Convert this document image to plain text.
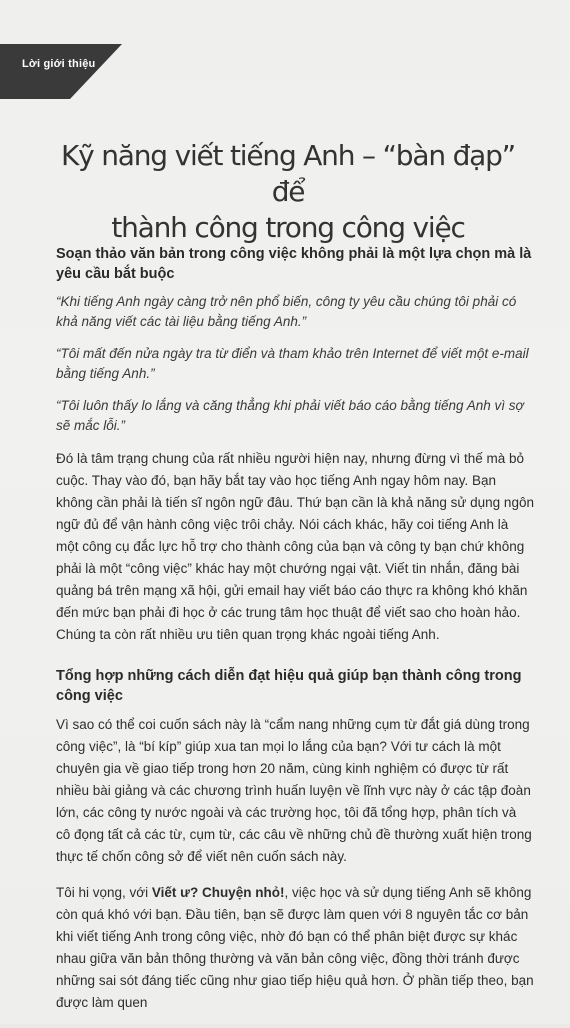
Lời giới thiệu
Kỹ năng viết tiếng Anh – “bàn đạp” để
thành công trong công việc
Soạn thảo văn bản trong công việc không phải là một lựa chọn mà là yêu cầu bắt buộc
“Khi tiếng Anh ngày càng trở nên phổ biến, công ty yêu cầu chúng tôi phải có khả năng viết các tài liệu bằng tiếng Anh.”
“Tôi mất đến nửa ngày tra từ điển và tham khảo trên Internet để viết một e-mail bằng tiếng Anh.”
“Tôi luôn thấy lo lắng và căng thẳng khi phải viết báo cáo bằng tiếng Anh vì sợ sẽ mắc lỗi.”
Đó là tâm trạng chung của rất nhiều người hiện nay, nhưng đừng vì thế mà bỏ cuộc. Thay vào đó, bạn hãy bắt tay vào học tiếng Anh ngay hôm nay. Bạn không cần phải là tiến sĩ ngôn ngữ đâu. Thứ bạn cần là khả năng sử dụng ngôn ngữ đủ để vận hành công việc trôi chảy. Nói cách khác, hãy coi tiếng Anh là một công cụ đắc lực hỗ trợ cho thành công của bạn và công ty bạn chứ không phải là một “công việc” khác hay một chướng ngại vật. Viết tin nhắn, đăng bài quảng bá trên mạng xã hội, gửi email hay viết báo cáo thực ra không khó khăn đến mức bạn phải đi học ở các trung tâm học thuật để viết sao cho hoàn hảo. Chúng ta còn rất nhiều ưu tiên quan trọng khác ngoài tiếng Anh.
Tổng hợp những cách diễn đạt hiệu quả giúp bạn thành công trong công việc
Vì sao có thể coi cuốn sách này là “cẩm nang những cụm từ đắt giá dùng trong công việc”, là “bí kíp” giúp xua tan mọi lo lắng của bạn? Với tư cách là một chuyên gia về giao tiếp trong hơn 20 năm, cùng kinh nghiệm có được từ rất nhiều bài giảng và các chương trình huấn luyện về lĩnh vực này ở các tập đoàn lớn, các công ty nước ngoài và các trường học, tôi đã tổng hợp, phân tích và cô đọng tất cả các từ, cụm từ, các câu về những chủ đề thường xuất hiện trong thực tế chốn công sở để viết nên cuốn sách này.
Tôi hi vọng, với Viết ư? Chuyện nhỏ!, việc học và sử dụng tiếng Anh sẽ không còn quá khó với bạn. Đầu tiên, bạn sẽ được làm quen với 8 nguyên tắc cơ bản khi viết tiếng Anh trong công việc, nhờ đó bạn có thể phân biệt được sự khác nhau giữa văn bản thông thường và văn bản công việc, đồng thời tránh được những sai sót đáng tiếc cũng như giao tiếp hiệu quả hơn. Ở phần tiếp theo, bạn được làm quen
